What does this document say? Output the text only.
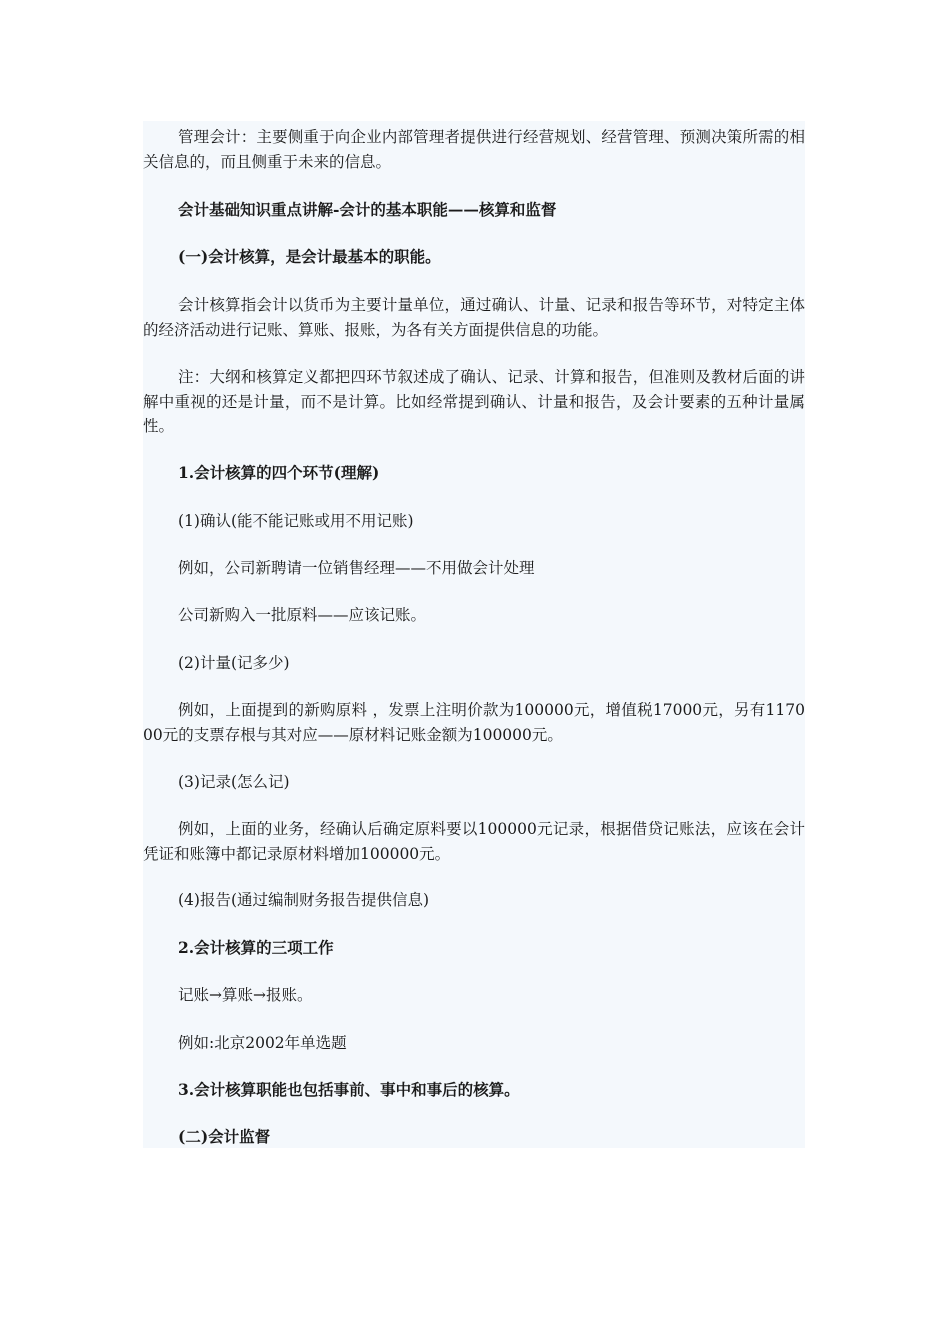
管理会计：主要侧重于向企业内部管理者提供进行经营规划、经营管理、预测决策所需的相关信息的，而且侧重于未来的信息。

会计基础知识重点讲解-会计的基本职能——核算和监督

(一)会计核算，是会计最基本的职能。

会计核算指会计以货币为主要计量单位，通过确认、计量、记录和报告等环节，对特定主体的经济活动进行记账、算账、报账，为各有关方面提供信息的功能。

注：大纲和核算定义都把四环节叙述成了确认、记录、计算和报告，但准则及教材后面的讲解中重视的还是计量，而不是计算。比如经常提到确认、计量和报告，及会计要素的五种计量属性。

1.会计核算的四个环节(理解)

(1)确认(能不能记账或用不用记账)

例如，公司新聘请一位销售经理——不用做会计处理

公司新购入一批原料——应该记账。

(2)计量(记多少)

例如，上面提到的新购原料 ，发票上注明价款为100000元，增值税17000元，另有117000元的支票存根与其对应——原材料记账金额为100000元。

(3)记录(怎么记)

例如，上面的业务，经确认后确定原料要以100000元记录，根据借贷记账法，应该在会计凭证和账簿中都记录原材料增加100000元。

(4)报告(通过编制财务报告提供信息)

2.会计核算的三项工作

记账→算账→报账。

例如:北京2002年单选题

3.会计核算职能也包括事前、事中和事后的核算。

(二)会计监督
